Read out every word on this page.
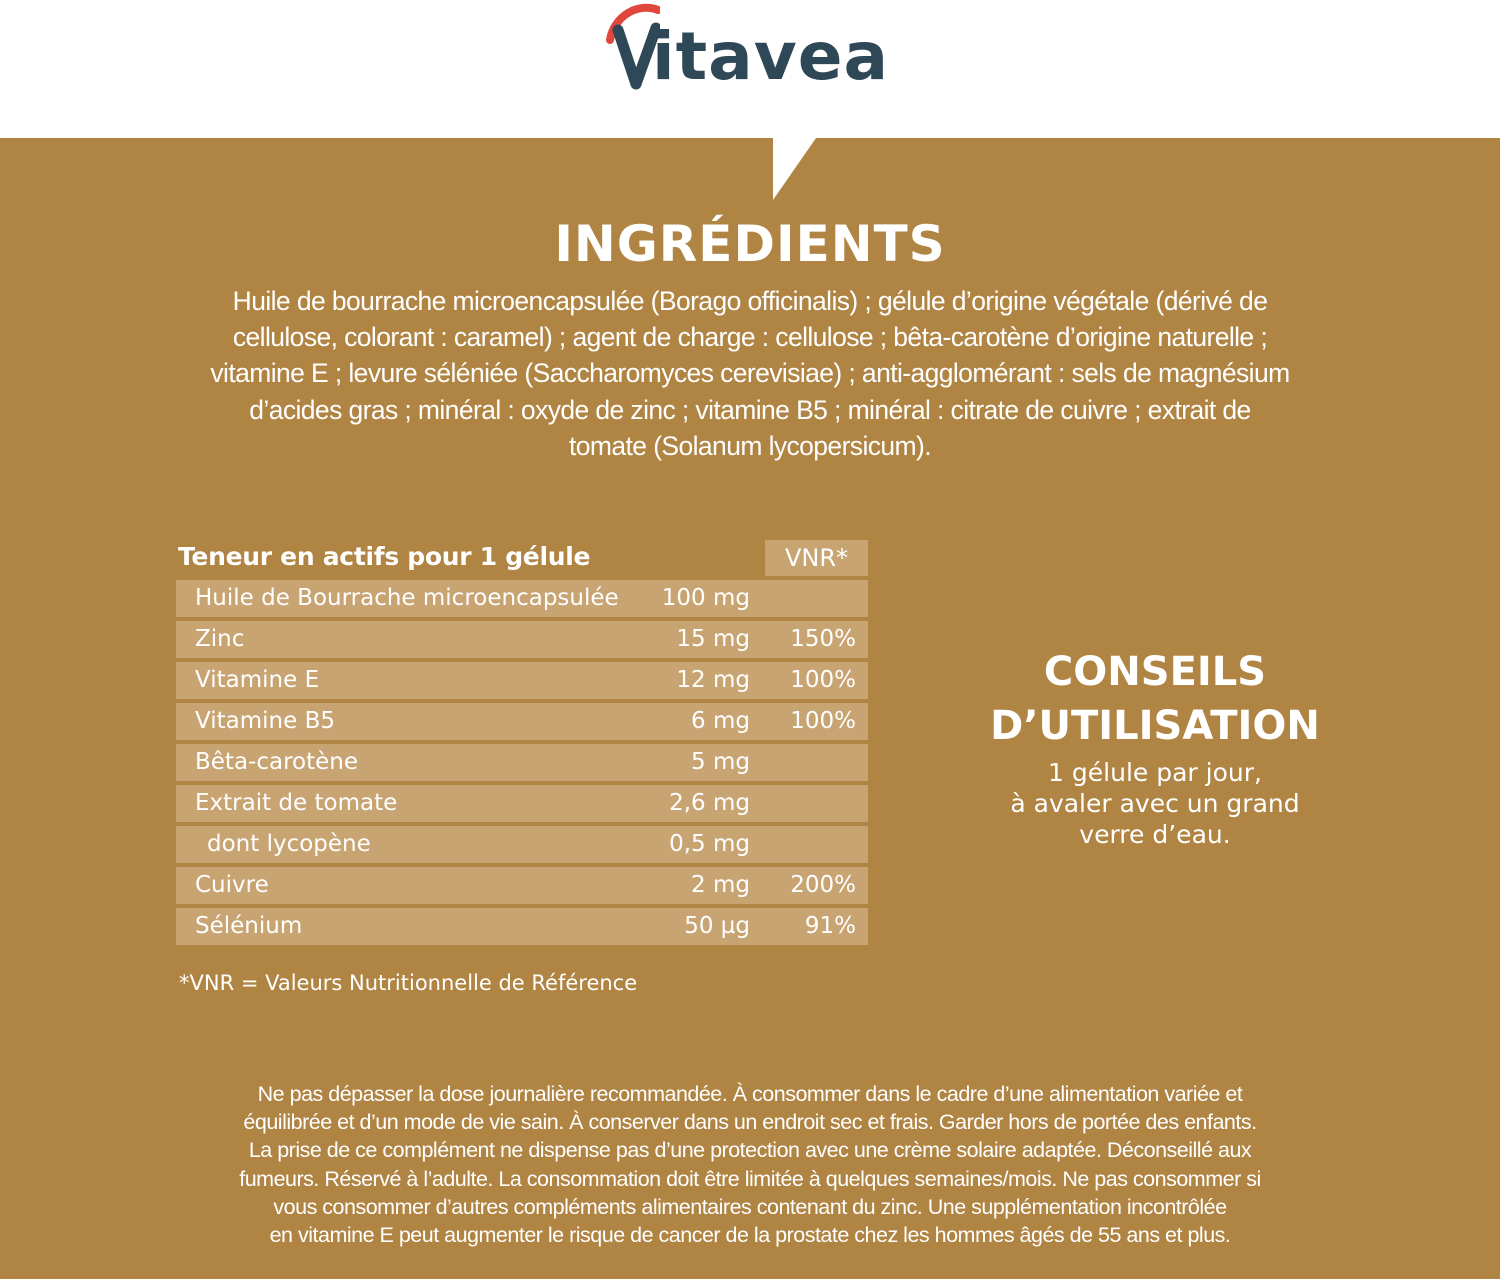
itavea
INGRÉDIENTS

Huile de bourrache microencapsulée (Borago officinalis) ; gélule d’origine végétale (dérivé de
cellulose, colorant : caramel) ; agent de charge : cellulose ; bêta-carotène d’origine naturelle ;
vitamine E ; levure séléniée (Saccharomyces cerevisiae) ; anti-agglomérant : sels de magnésium
d’acides gras ; minéral : oxyde de zinc ; vitamine B5 ; minéral : citrate de cuivre ; extrait de
tomate (Solanum lycopersicum).

Teneur en actifs pour 1 gélule	VNR*
Huile de Bourrache microencapsulée 100 mg
Zinc	15 mg 150%
Vitamine E	12 mg 100%
Vitamine B5	6 mg 100%
Bêta-carotène	5 mg
Extrait de tomate	2,6 mg
dont lycopène	0,5 mg
Cuivre	2 mg 200%
Sélénium	50 µg 91%
*VNR = Valeurs Nutritionnelle de Référence
CONSEILS
D’UTILISATION

1 gélule par jour,
à avaler avec un grand
verre d’eau.

Ne pas dépasser la dose journalière recommandée. À consommer dans le cadre d’une alimentation variée et
équilibrée et d’un mode de vie sain. À conserver dans un endroit sec et frais. Garder hors de portée des enfants.
La prise de ce complément ne dispense pas d’une protection avec une crème solaire adaptée. Déconseillé aux
fumeurs. Réservé à l’adulte. La consommation doit être limitée à quelques semaines/mois. Ne pas consommer si
vous consommer d’autres compléments alimentaires contenant du zinc. Une supplémentation incontrôlée
en vitamine E peut augmenter le risque de cancer de la prostate chez les hommes âgés de 55 ans et plus.
